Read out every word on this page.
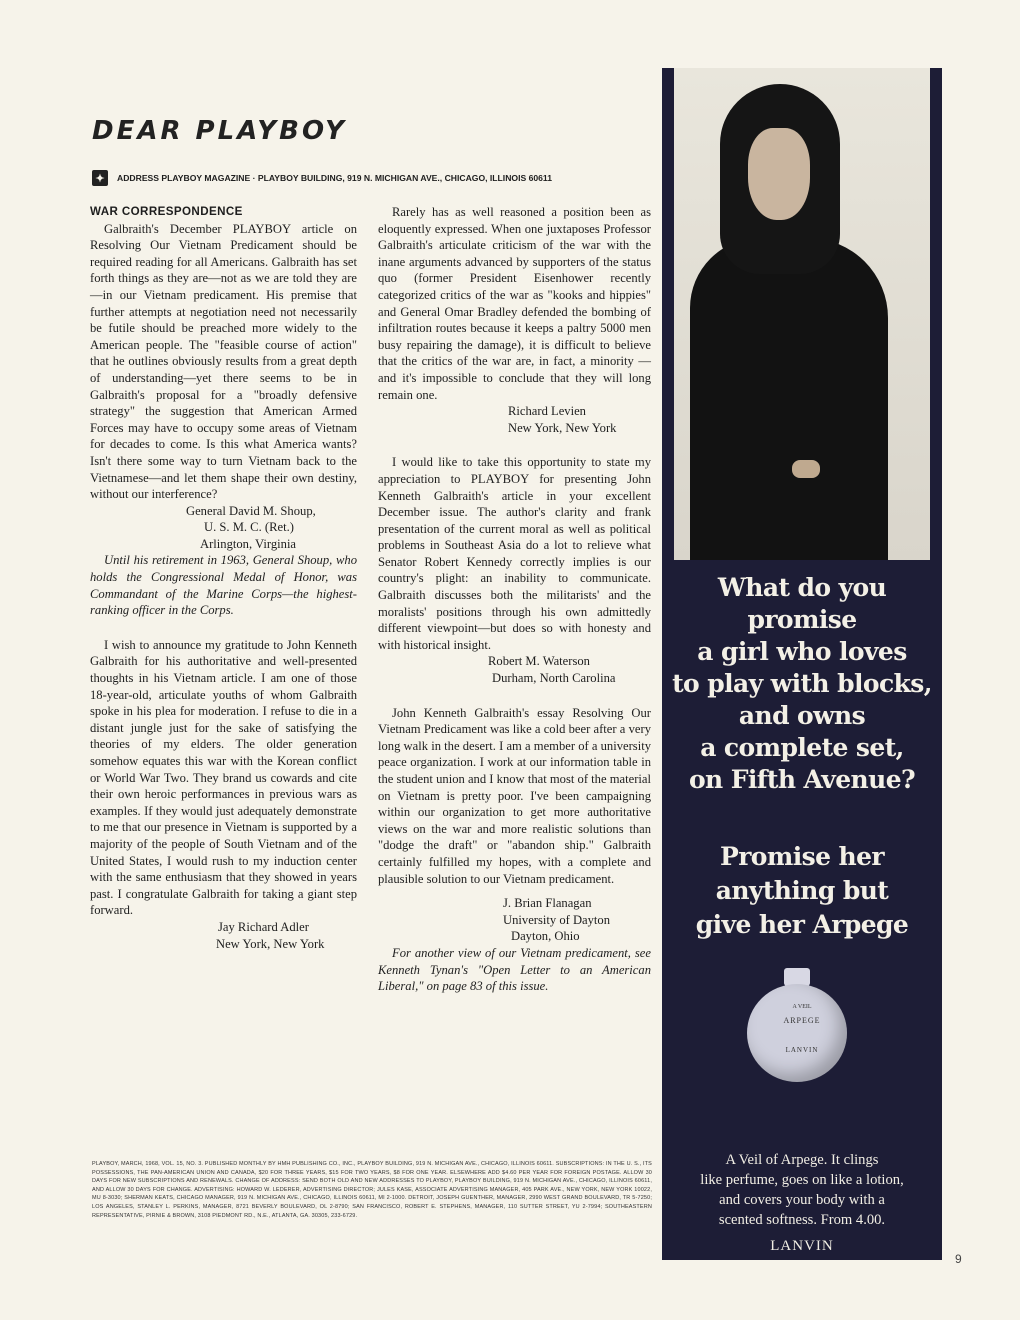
DEAR PLAYBOY
✦	ADDRESS PLAYBOY MAGAZINE · PLAYBOY BUILDING, 919 N. MICHIGAN AVE., CHICAGO, ILLINOIS 60611

WAR CORRESPONDENCE

Galbraith's December PLAYBOY article on Resolving Our Vietnam Predicament should be required reading for all Americans. Galbraith has set forth things as they are—not as we are told they are—in our Vietnam predicament. His premise that further attempts at negotiation need not necessarily be futile should be preached more widely to the American people. The "feasible course of action" that he outlines obviously results from a great depth of understanding—yet there seems to be in Galbraith's proposal for a "broadly defensive strategy" the suggestion that American Armed Forces may have to occupy some areas of Vietnam for decades to come. Is this what America wants? Isn't there some way to turn Vietnam back to the Vietnamese—and let them shape their own destiny, without our interference?

General David M. Shoup,
U. S. M. C. (Ret.)
Arlington, Virginia

Until his retirement in 1963, General Shoup, who holds the Congressional Medal of Honor, was Commandant of the Marine Corps—the highest-ranking officer in the Corps.

I wish to announce my gratitude to John Kenneth Galbraith for his authoritative and well-presented thoughts in his Vietnam article. I am one of those 18-year-old, articulate youths of whom Galbraith spoke in his plea for moderation. I refuse to die in a distant jungle just for the sake of satisfying the theories of my elders. The older generation somehow equates this war with the Korean conflict or World War Two. They brand us cowards and cite their own heroic performances in previous wars as examples. If they would just adequately demonstrate to me that our presence in Vietnam is supported by a majority of the people of South Vietnam and of the United States, I would rush to my induction center with the same enthusiasm that they showed in years past. I congratulate Galbraith for taking a giant step forward.

Jay Richard Adler
New York, New York

Rarely has as well reasoned a position been as eloquently expressed. When one juxtaposes Professor Galbraith's articulate criticism of the war with the inane arguments advanced by supporters of the status quo (former President Eisenhower recently categorized critics of the war as "kooks and hippies" and General Omar Bradley defended the bombing of infiltration routes because it keeps a paltry 5000 men busy repairing the damage), it is difficult to believe that the critics of the war are, in fact, a minority —and it's impossible to conclude that they will long remain one.

Richard Levien
New York, New York

I would like to take this opportunity to state my appreciation to PLAYBOY for presenting John Kenneth Galbraith's article in your excellent December issue. The author's clarity and frank presentation of the current moral as well as political problems in Southeast Asia do a lot to relieve what Senator Robert Kennedy correctly implies is our country's plight: an inability to communicate. Galbraith discusses both the militarists' and the moralists' positions through his own admittedly different viewpoint—but does so with honesty and with historical insight.

Robert M. Waterson
Durham, North Carolina

John Kenneth Galbraith's essay Resolving Our Vietnam Predicament was like a cold beer after a very long walk in the desert. I am a member of a university peace organization. I work at our information table in the student union and I know that most of the material on Vietnam is pretty poor. I've been campaigning within our organization to get more authoritative views on the war and more realistic solutions than "dodge the draft" or "abandon ship." Galbraith certainly fulfilled my hopes, with a complete and plausible solution to our Vietnam predicament.

J. Brian Flanagan
University of Dayton
Dayton, Ohio

For another view of our Vietnam predicament, see Kenneth Tynan's "Open Letter to an American Liberal," on page 83 of this issue.

PLAYBOY, MARCH, 1968, VOL. 15, NO. 3. PUBLISHED MONTHLY BY HMH PUBLISHING CO., INC., PLAYBOY BUILDING, 919 N. MICHIGAN AVE., CHICAGO, ILLINOIS 60611. SUBSCRIPTIONS: IN THE U. S., ITS POSSESSIONS, THE PAN-AMERICAN UNION AND CANADA, $20 FOR THREE YEARS, $15 FOR TWO YEARS, $8 FOR ONE YEAR. ELSEWHERE ADD $4.60 PER YEAR FOR FOREIGN POSTAGE. ALLOW 30 DAYS FOR NEW SUBSCRIPTIONS AND RENEWALS. CHANGE OF ADDRESS: SEND BOTH OLD AND NEW ADDRESSES TO PLAYBOY, PLAYBOY BUILDING, 919 N. MICHIGAN AVE., CHICAGO, ILLINOIS 60611, AND ALLOW 30 DAYS FOR CHANGE. ADVERTISING: HOWARD W. LEDERER, ADVERTISING DIRECTOR; JULES KASE, ASSOCIATE ADVERTISING MANAGER, 405 PARK AVE., NEW YORK, NEW YORK 10022, MU 8-3030; SHERMAN KEATS, CHICAGO MANAGER, 919 N. MICHIGAN AVE., CHICAGO, ILLINOIS 60611, MI 2-1000. DETROIT, JOSEPH GUENTHER, MANAGER, 2990 WEST GRAND BOULEVARD, TR 5-7250; LOS ANGELES, STANLEY L. PERKINS, MANAGER, 8721 BEVERLY BOULEVARD, OL 2-8790; SAN FRANCISCO, ROBERT E. STEPHENS, MANAGER, 110 SUTTER STREET, YU 2-7994; SOUTHEASTERN REPRESENTATIVE, PIRNIE & BROWN, 3108 PIEDMONT RD., N.E., ATLANTA, GA. 30305, 233-6729.
What do you
promise
a girl who loves
to play with blocks,
and owns
a complete set,
on Fifth Avenue?
Promise her
anything but
give her Arpege
A VEIL
ARPEGE
LANVIN
A Veil of Arpege. It clings
like perfume, goes on like a lotion,
and covers your body with a
scented softness. From 4.00.
LANVIN
9
